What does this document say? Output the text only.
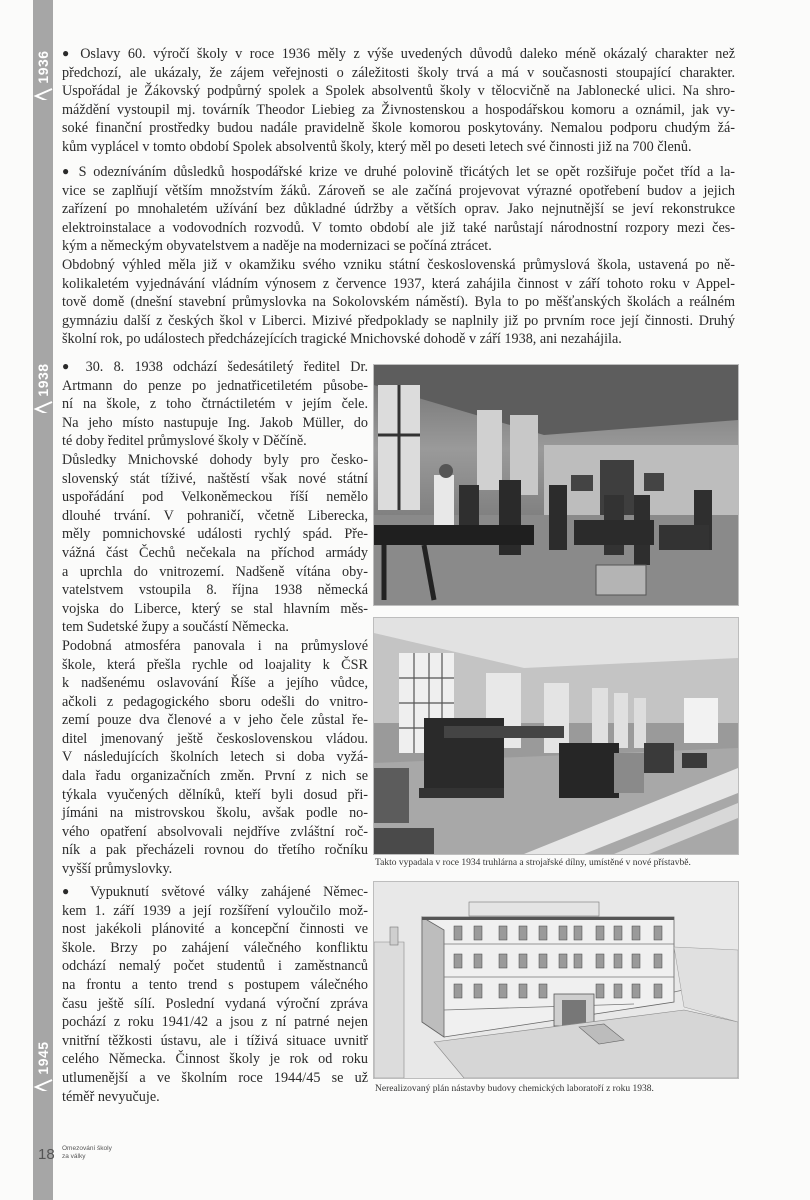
1936
1938
1945
● Oslavy 60. výročí školy v roce 1936 měly z výše uvedených důvodů daleko méně okázalý charakter než
předchozí, ale ukázaly, že zájem veřejnosti o záležitosti školy trvá a má v současnosti stoupající charakter.
Uspořádal je Žákovský podpůrný spolek a Spolek absolventů školy v tělocvičně na Jablonecké ulici. Na shro-
máždění vystoupil mj. továrník Theodor Liebieg za Živnostenskou a hospodářskou komoru a oznámil, jak vy-
soké finanční prostředky budou nadále pravidelně škole komorou poskytovány. Nemalou podporu chudým žá-
kům vyplácel v tomto období Spolek absolventů školy, který měl po deseti letech své činnosti již na 700 členů.
● S odezníváním důsledků hospodářské krize ve druhé polovině třicátých let se opět rozšiřuje počet tříd a la-
vice se zaplňují větším množstvím žáků. Zároveň se ale začíná projevovat výrazné opotřebení budov a jejich
zařízení po mnohaletém užívání bez důkladné údržby a větších oprav. Jako nejnutnější se jeví rekonstrukce
elektroinstalace a vodovodních rozvodů. V tomto období ale již také narůstají národnostní rozpory mezi čes-
kým a německým obyvatelstvem a naděje na modernizaci se počíná ztrácet.
Obdobný výhled měla již v okamžiku svého vzniku státní československá průmyslová škola, ustavená po ně-
kolikaletém vyjednávání vládním výnosem z července 1937, která zahájila činnost v září tohoto roku v Appel-
tově domě (dnešní stavební průmyslovka na Sokolovském náměstí). Byla to po měšťanských školách a reálném
gymnáziu další z českých škol v Liberci. Mizivé předpoklady se naplnily již po prvním roce její činnosti. Druhý
školní rok, po událostech předcházejících tragické Mnichovské dohodě v září 1938, ani nezahájila.
● 30. 8. 1938 odchází šedesátiletý ředitel Dr.
Artmann do penze po jednatřicetiletém působe-
ní na škole, z toho čtrnáctiletém v jejím čele.
Na jeho místo nastupuje Ing. Jakob Müller, do
té doby ředitel průmyslové školy v Děčíně.
Důsledky Mnichovské dohody byly pro česko-
slovenský stát tíživé, naštěstí však nové státní
uspořádání pod Velkoněmeckou říší nemělo
dlouhé trvání. V pohraničí, včetně Liberecka,
měly pomnichovské události rychlý spád. Pře-
vážná část Čechů nečekala na příchod armády
a uprchla do vnitrozemí. Nadšeně vítána oby-
vatelstvem vstoupila 8. října 1938 německá
vojska do Liberce, který se stal hlavním měs-
tem Sudetské župy a součástí Německa.
Podobná atmosféra panovala i na průmyslové
škole, která přešla rychle od loajality k ČSR
k nadšenému oslavování Říše a jejího vůdce,
ačkoli z pedagogického sboru odešli do vnitro-
zemí pouze dva členové a v jeho čele zůstal ře-
ditel jmenovaný ještě československou vládou.
V následujících školních letech si doba vyžá-
dala řadu organizačních změn. První z nich se
týkala vyučených dělníků, kteří byli dosud při-
jímáni na mistrovskou školu, avšak podle no-
vého opatření absolvovali nejdříve zvláštní roč-
ník a pak přecházeli rovnou do třetího ročníku
vyšší průmyslovky.
● Vypuknutí světové války zahájené Němec-
kem 1. září 1939 a její rozšíření vyloučilo mož-
nost jakékoli plánovité a koncepční činnosti ve
škole. Brzy po zahájení válečného konfliktu
odchází nemalý počet studentů i zaměstnanců
na frontu a tento trend s postupem válečného
času ještě sílí. Poslední vydaná výroční zpráva
pochází z roku 1941/42 a jsou z ní patrné nejen
vnitřní těžkosti ústavu, ale i tíživá situace uvnitř
celého Německa. Činnost školy je rok od roku
utlumenější a ve školním roce 1944/45 se už
téměř nevyučuje.
Takto vypadala v roce 1934 truhlárna a strojařské dílny, umístěné v nové přístavbě.
Nerealizovaný plán nástavby budovy chemických laboratoří z roku 1938.
18 Omezování školy
za války
